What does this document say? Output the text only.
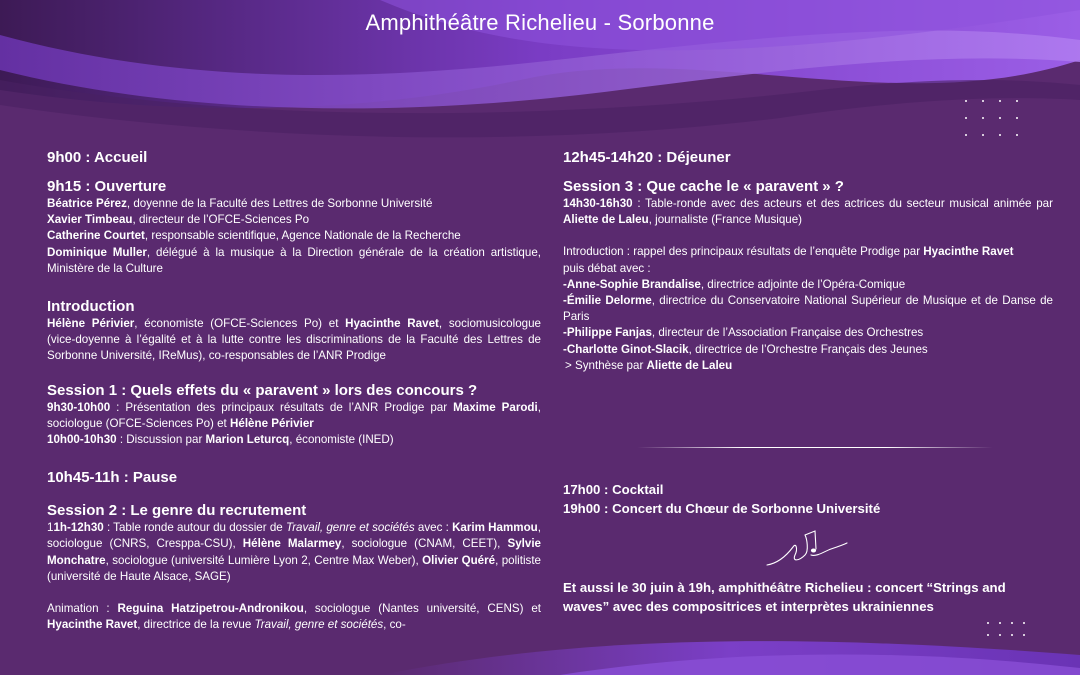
Amphithéâtre Richelieu - Sorbonne
9h00 : Accueil
9h15 : Ouverture
Béatrice Pérez, doyenne de la Faculté des Lettres de Sorbonne Université
Xavier Timbeau, directeur de l’OFCE-Sciences Po
Catherine Courtet, responsable scientifique, Agence Nationale de la Recherche
Dominique Muller, délégué à la musique à la Direction générale de la création artistique, Ministère de la Culture
Introduction
Hélène Périvier, économiste (OFCE-Sciences Po) et Hyacinthe Ravet, sociomusicologue (vice-doyenne à l’égalité et à la lutte contre les discriminations de la Faculté des Lettres de Sorbonne Université, IReMus), co-responsables de l’ANR Prodige
Session 1 : Quels effets du « paravent » lors des concours ?
9h30-10h00 : Présentation des principaux résultats de l’ANR Prodige par Maxime Parodi, sociologue (OFCE-Sciences Po) et Hélène Périvier
10h00-10h30 : Discussion par Marion Leturcq, économiste (INED)
10h45-11h : Pause
Session 2 : Le genre du recrutement
11h-12h30 : Table ronde autour du dossier de Travail, genre et sociétés avec : Karim Hammou, sociologue (CNRS, Cresppa-CSU), Hélène Malarmey, sociologue (CNAM, CEET), Sylvie Monchatre, sociologue (université Lumière Lyon 2, Centre Max Weber), Olivier Quéré, politiste (université de Haute Alsace, SAGE)
Animation : Reguina Hatzipetrou-Andronikou, sociologue (Nantes université, CENS) et Hyacinthe Ravet, directrice de la revue Travail, genre et sociétés, co-
12h45-14h20 : Déjeuner
Session 3 : Que cache le « paravent » ?
14h30-16h30 : Table-ronde avec des acteurs et des actrices du secteur musical animée par Aliette de Laleu, journaliste (France Musique)
Introduction : rappel des principaux résultats de l’enquête Prodige par Hyacinthe Ravet
puis débat avec :
-Anne-Sophie Brandalise, directrice adjointe de l’Opéra-Comique
-Émilie Delorme, directrice du Conservatoire National Supérieur de Musique et de Danse de Paris
-Philippe Fanjas, directeur de l’Association Française des Orchestres
-Charlotte Ginot-Slacik, directrice de l’Orchestre Français des Jeunes
> Synthèse par Aliette de Laleu
17h00 : Cocktail
19h00 : Concert du Chœur de Sorbonne Université
Et aussi le 30 juin à 19h, amphithéâtre Richelieu : concert “Strings and waves” avec des compositrices et interprètes ukrainiennes
